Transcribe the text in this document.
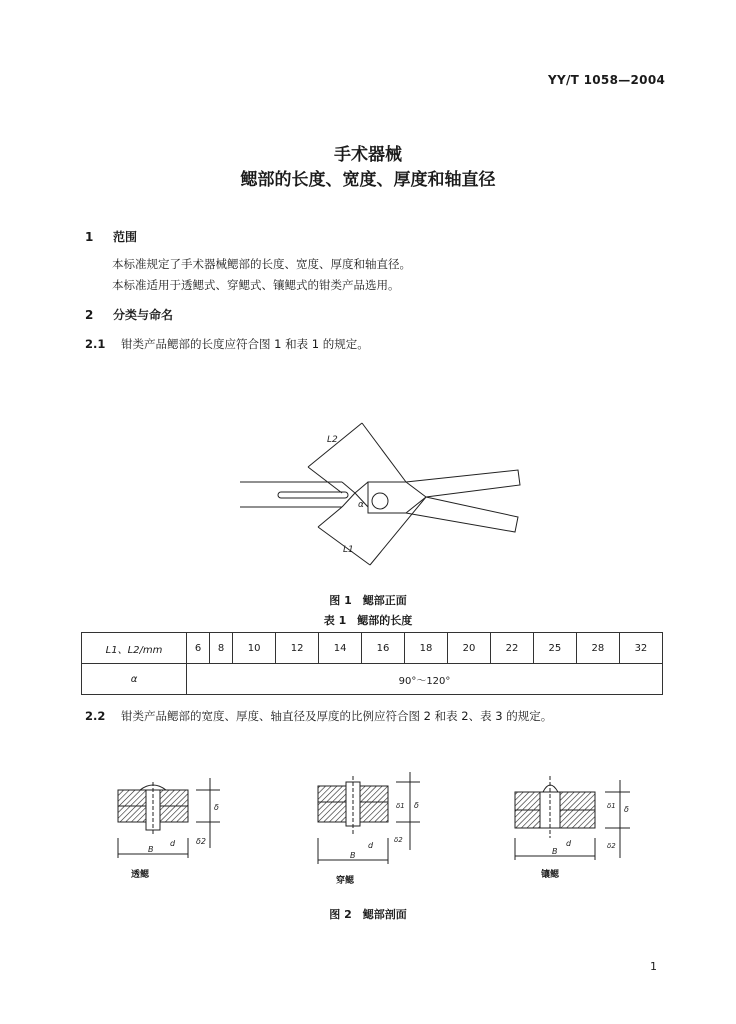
YY/T 1058—2004
手术器械
鳃部的长度、宽度、厚度和轴直径
1 范围
本标准规定了手术器械鳃部的长度、宽度、厚度和轴直径。
本标准适用于透鳃式、穿鳃式、镶鳃式的钳类产品选用。
2 分类与命名
2.1 钳类产品鳃部的长度应符合图 1 和表 1 的规定。
L2
L1
α
图 1　鳃部正面
表 1　鳃部的长度
L1、L2/mm	6	8	10	12	14	16	18	20	22	25	28	32
α	90°～120°											
2.2 钳类产品鳃部的宽度、厚度、轴直径及厚度的比例应符合图 2 和表 2、表 3 的规定。
B
d
δ
δ2
B
d
δ
δ1
δ2
B
d
δ
δ1
δ2
透鳃
穿鳃
镶鳃
图 2　鳃部剖面
1
